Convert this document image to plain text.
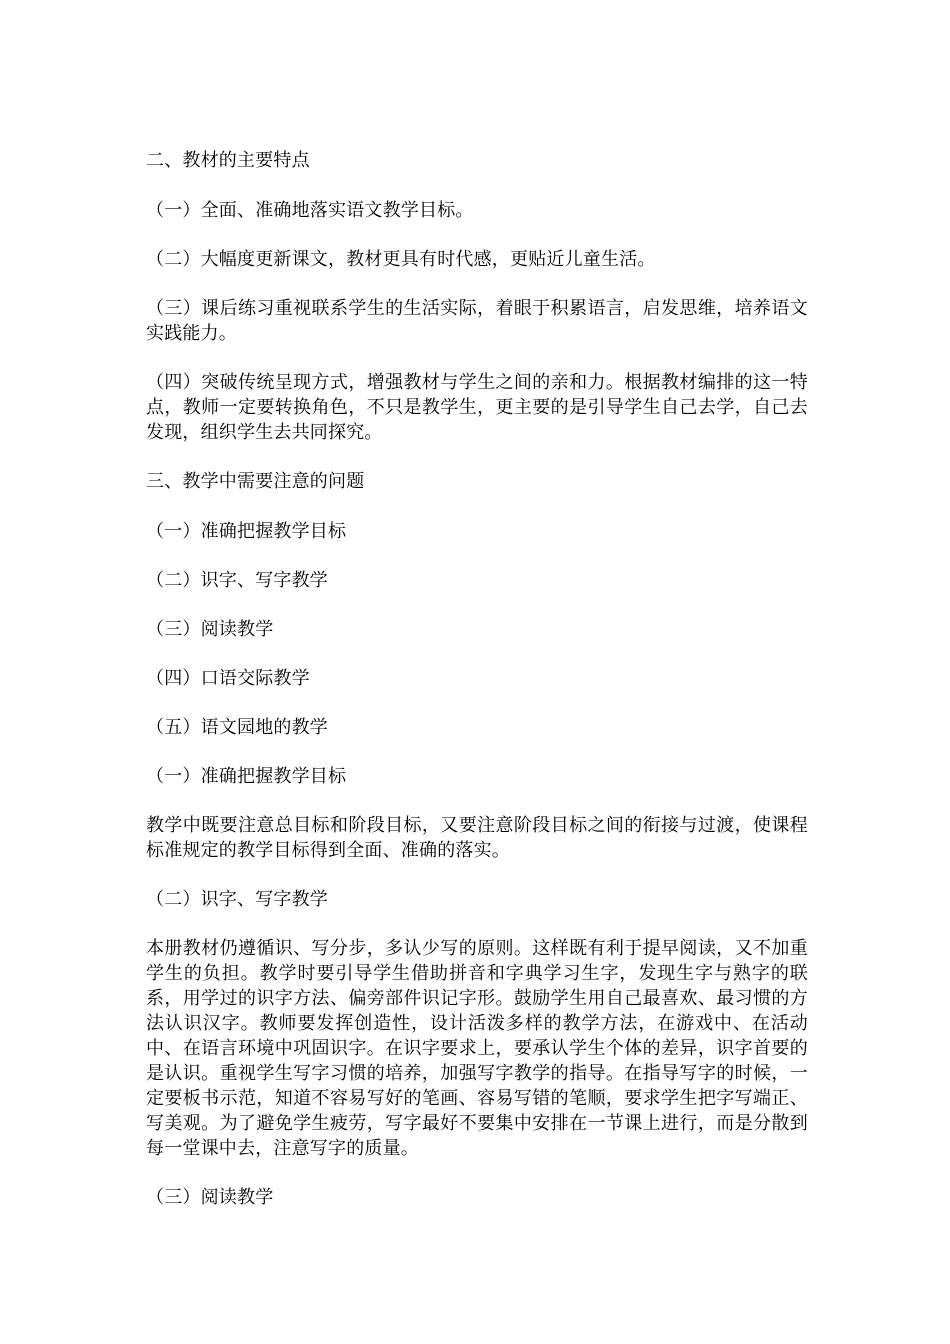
二、教材的主要特点

（一）全面、准确地落实语文教学目标。

（二）大幅度更新课文，教材更具有时代感，更贴近儿童生活。

（三）课后练习重视联系学生的生活实际，着眼于积累语言，启发思维，培养语文实践能力。

（四）突破传统呈现方式，增强教材与学生之间的亲和力。根据教材编排的这一特点，教师一定要转换角色，不只是教学生，更主要的是引导学生自己去学，自己去发现，组织学生去共同探究。

三、教学中需要注意的问题

（一）准确把握教学目标

（二）识字、写字教学

（三）阅读教学

（四）口语交际教学

（五）语文园地的教学

（一）准确把握教学目标

教学中既要注意总目标和阶段目标，又要注意阶段目标之间的衔接与过渡，使课程标准规定的教学目标得到全面、准确的落实。

（二）识字、写字教学

本册教材仍遵循识、写分步，多认少写的原则。这样既有利于提早阅读，又不加重学生的负担。教学时要引导学生借助拼音和字典学习生字，发现生字与熟字的联系，用学过的识字方法、偏旁部件识记字形。鼓励学生用自己最喜欢、最习惯的方法认识汉字。教师要发挥创造性，设计活泼多样的教学方法，在游戏中、在活动中、在语言环境中巩固识字。在识字要求上，要承认学生个体的差异，识字首要的是认识。重视学生写字习惯的培养，加强写字教学的指导。在指导写字的时候，一定要板书示范，知道不容易写好的笔画、容易写错的笔顺，要求学生把字写端正、写美观。为了避免学生疲劳，写字最好不要集中安排在一节课上进行，而是分散到每一堂课中去，注意写字的质量。

（三）阅读教学
